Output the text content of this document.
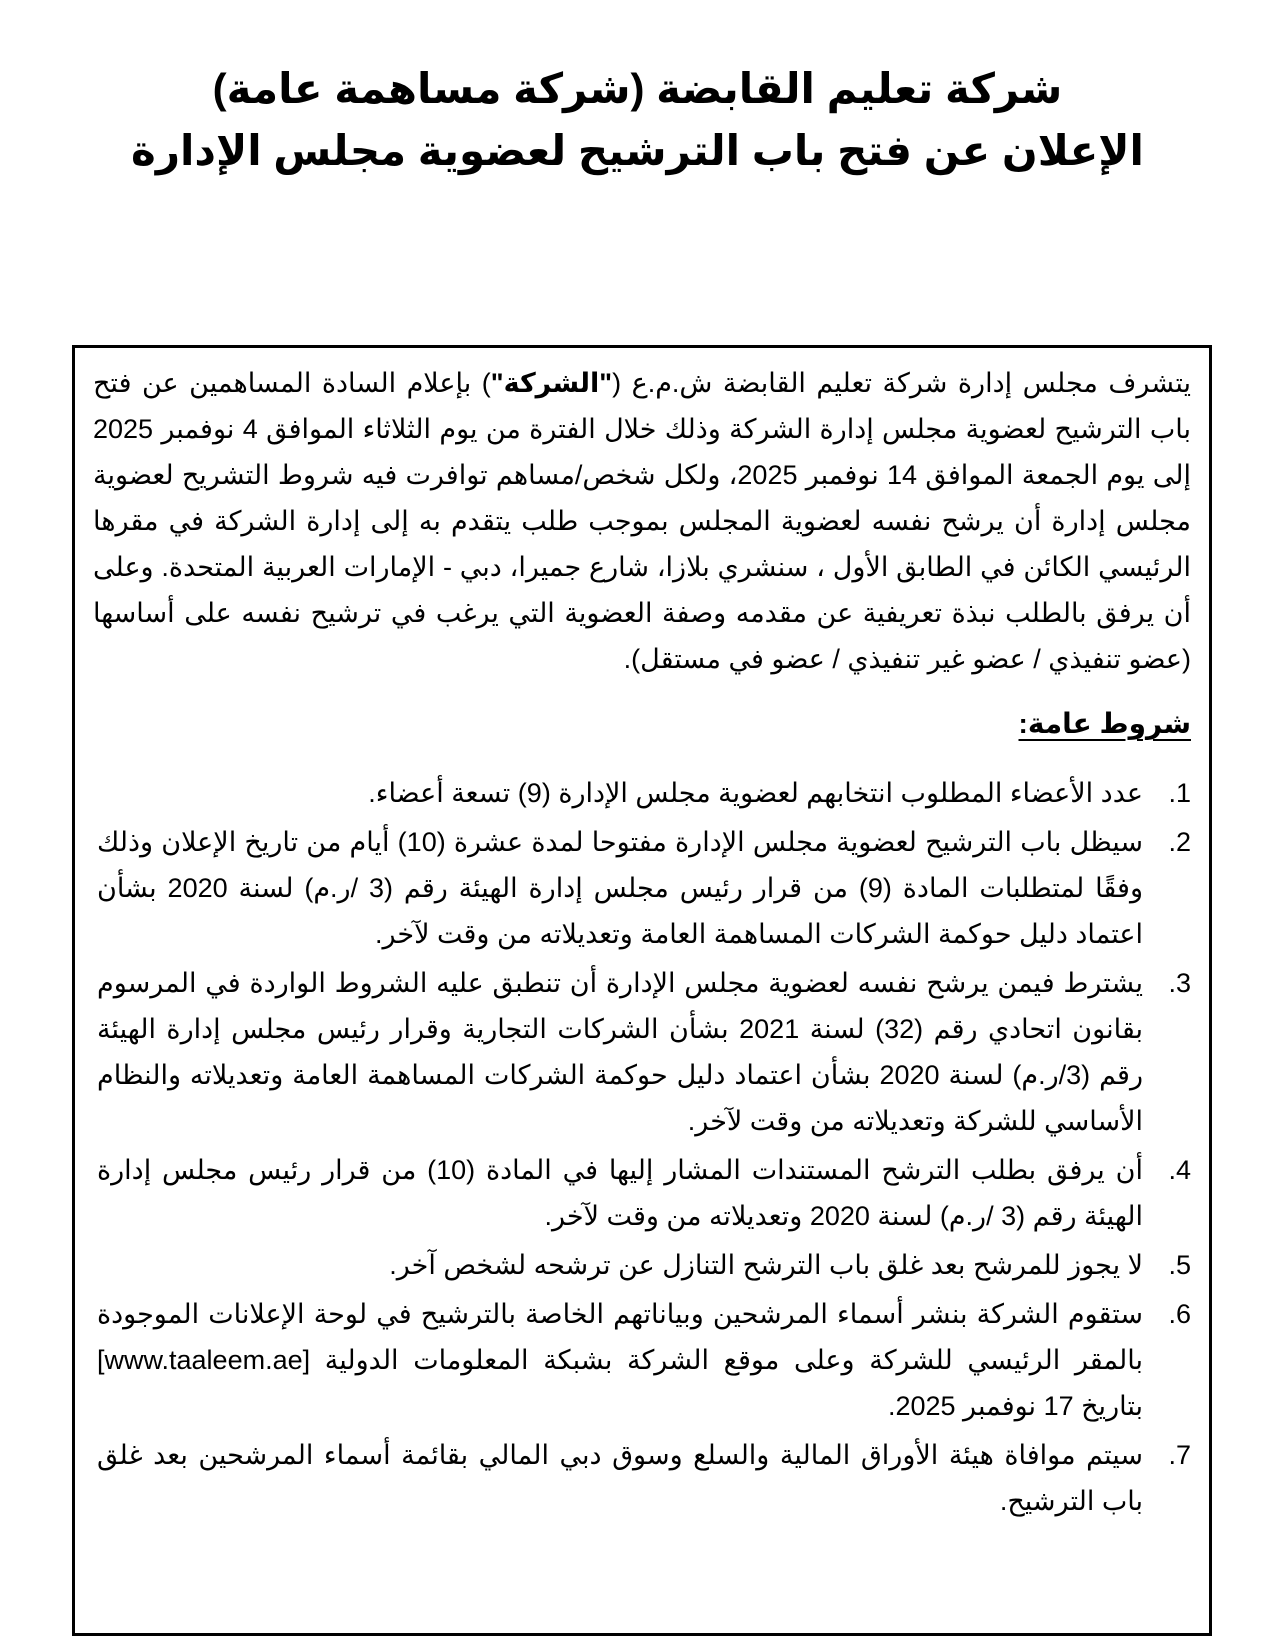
شركة تعليم القابضة (شركة مساهمة عامة)
الإعلان عن فتح باب الترشيح لعضوية مجلس الإدارة

يتشرف مجلس إدارة شركة تعليم القابضة ش.م.ع ("الشركة") بإعلام السادة المساهمين عن فتح باب الترشيح لعضوية مجلس إدارة الشركة وذلك خلال الفترة من يوم الثلاثاء الموافق 4 نوفمبر 2025 إلى يوم الجمعة الموافق 14 نوفمبر 2025، ولكل شخص/مساهم توافرت فيه شروط التشريح لعضوية مجلس إدارة أن يرشح نفسه لعضوية المجلس بموجب طلب يتقدم به إلى إدارة الشركة في مقرها الرئيسي الكائن في الطابق الأول ، سنشري بلازا، شارع جميرا، دبي - الإمارات العربية المتحدة. وعلى أن يرفق بالطلب نبذة تعريفية عن مقدمه وصفة العضوية التي يرغب في ترشيح نفسه على أساسها (عضو تنفيذي / عضو غير تنفيذي / عضو في مستقل).

شروط عامة:
1.
عدد الأعضاء المطلوب انتخابهم لعضوية مجلس الإدارة (9) تسعة أعضاء.
2.
سيظل باب الترشيح لعضوية مجلس الإدارة مفتوحا لمدة عشرة (10) أيام من تاريخ الإعلان وذلك وفقًا لمتطلبات المادة (9) من قرار رئيس مجلس إدارة الهيئة رقم (3 /ر.م) لسنة 2020 بشأن اعتماد دليل حوكمة الشركات المساهمة العامة وتعديلاته من وقت لآخر.
3.
يشترط فيمن يرشح نفسه لعضوية مجلس الإدارة أن تنطبق عليه الشروط الواردة في المرسوم بقانون اتحادي رقم (32) لسنة 2021 بشأن الشركات التجارية وقرار رئيس مجلس إدارة الهيئة رقم (3/ر.م) لسنة 2020 بشأن اعتماد دليل حوكمة الشركات المساهمة العامة وتعديلاته والنظام الأساسي للشركة وتعديلاته من وقت لآخر.
4.
أن يرفق بطلب الترشح المستندات المشار إليها في المادة (10) من قرار رئيس مجلس إدارة الهيئة رقم (3 /ر.م) لسنة 2020 وتعديلاته من وقت لآخر.
5.
لا يجوز للمرشح بعد غلق باب الترشح التنازل عن ترشحه لشخص آخر.
6.
ستقوم الشركة بنشر أسماء المرشحين وبياناتهم الخاصة بالترشيح في لوحة الإعلانات الموجودة بالمقر الرئيسي للشركة وعلى موقع الشركة بشبكة المعلومات الدولية [www.taaleem.ae] بتاريخ 17 نوفمبر 2025.
7.
سيتم موافاة هيئة الأوراق المالية والسلع وسوق دبي المالي بقائمة أسماء المرشحين بعد غلق باب الترشيح.
